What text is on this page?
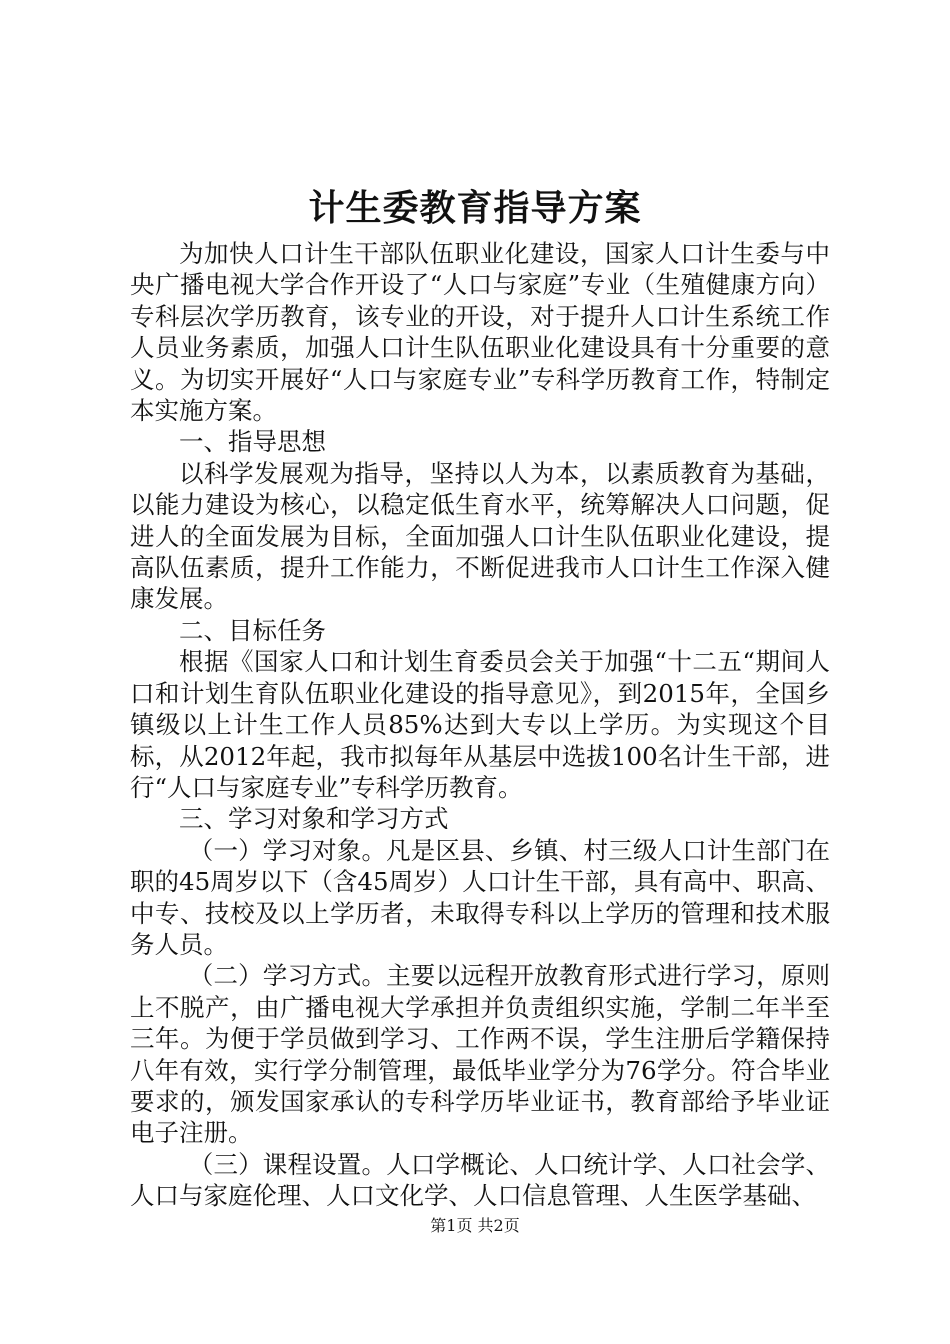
计生委教育指导方案

为加快人口计生干部队伍职业化建设，国家人口计生委与中央广播电视大学合作开设了“人口与家庭”专业（生殖健康方向）专科层次学历教育，该专业的开设，对于提升人口计生系统工作人员业务素质，加强人口计生队伍职业化建设具有十分重要的意义。为切实开展好“人口与家庭专业”专科学历教育工作，特制定本实施方案。

一、指导思想

以科学发展观为指导，坚持以人为本，以素质教育为基础，以能力建设为核心，以稳定低生育水平，统筹解决人口问题，促进人的全面发展为目标，全面加强人口计生队伍职业化建设，提高队伍素质，提升工作能力，不断促进我市人口计生工作深入健康发展。

二、目标任务

根据《国家人口和计划生育委员会关于加强“十二五“期间人口和计划生育队伍职业化建设的指导意见》，到2015年，全国乡镇级以上计生工作人员85%达到大专以上学历。为实现这个目标，从2012年起，我市拟每年从基层中选拔100名计生干部，进行“人口与家庭专业”专科学历教育。

三、学习对象和学习方式

（一）学习对象。凡是区县、乡镇、村三级人口计生部门在职的45周岁以下（含45周岁）人口计生干部，具有高中、职高、中专、技校及以上学历者，未取得专科以上学历的管理和技术服务人员。

（二）学习方式。主要以远程开放教育形式进行学习，原则上不脱产，由广播电视大学承担并负责组织实施，学制二年半至三年。为便于学员做到学习、工作两不误，学生注册后学籍保持八年有效，实行学分制管理，最低毕业学分为76学分。符合毕业要求的，颁发国家承认的专科学历毕业证书，教育部给予毕业证电子注册。

（三）课程设置。人口学概论、人口统计学、人口社会学、人口与家庭伦理、人口文化学、人口信息管理、人生医学基础、

第1页 共2页
